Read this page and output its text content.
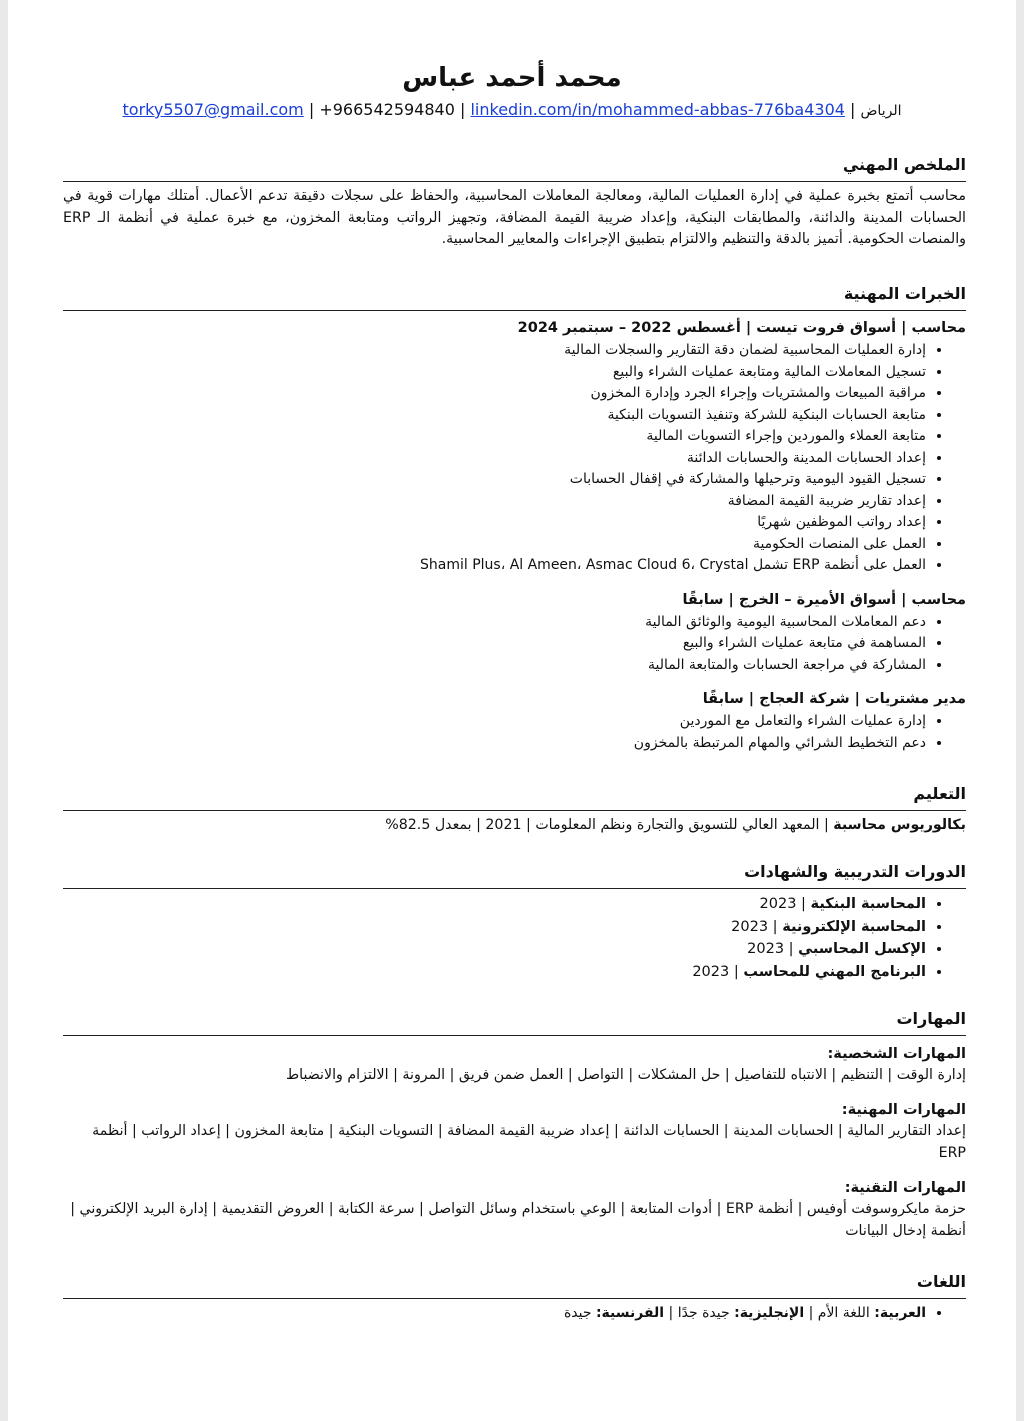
محمد أحمد عباس
الرياض | torky5507@gmail.com | +966542594840 | linkedin.com/in/mohammed-abbas-776ba4304
الملخص المهني

محاسب أتمتع بخبرة عملية في إدارة العمليات المالية، ومعالجة المعاملات المحاسبية، والحفاظ على سجلات دقيقة تدعم الأعمال. أمتلك مهارات قوية في الحسابات المدينة والدائنة، والمطابقات البنكية، وإعداد ضريبة القيمة المضافة، وتجهيز الرواتب ومتابعة المخزون، مع خبرة عملية في أنظمة الـ ERP والمنصات الحكومية. أتميز بالدقة والتنظيم والالتزام بتطبيق الإجراءات والمعايير المحاسبية.

الخبرات المهنية
محاسب | أسواق فروت تيست | أغسطس 2022 – سبتمبر 2024
• إدارة العمليات المحاسبية لضمان دقة التقارير والسجلات المالية
• تسجيل المعاملات المالية ومتابعة عمليات الشراء والبيع
• مراقبة المبيعات والمشتريات وإجراء الجرد وإدارة المخزون
• متابعة الحسابات البنكية للشركة وتنفيذ التسويات البنكية
• متابعة العملاء والموردين وإجراء التسويات المالية
• إعداد الحسابات المدينة والحسابات الدائنة
• تسجيل القيود اليومية وترحيلها والمشاركة في إقفال الحسابات
• إعداد تقارير ضريبة القيمة المضافة
• إعداد رواتب الموظفين شهريًا
• العمل على المنصات الحكومية
• العمل على أنظمة ERP تشمل Shamil Plus، Al Ameen، Asmac Cloud 6، Crystal
محاسب | أسواق الأميرة – الخرج | سابقًا
• دعم المعاملات المحاسبية اليومية والوثائق المالية
• المساهمة في متابعة عمليات الشراء والبيع
• المشاركة في مراجعة الحسابات والمتابعة المالية
مدير مشتريات | شركة العجاج | سابقًا
• إدارة عمليات الشراء والتعامل مع الموردين
• دعم التخطيط الشرائي والمهام المرتبطة بالمخزون
التعليم

بكالوريوس محاسبة | المعهد العالي للتسويق والتجارة ونظم المعلومات | 2021 | بمعدل 82.5%

الدورات التدريبية والشهادات
• المحاسبة البنكية | 2023
• المحاسبة الإلكترونية | 2023
• الإكسل المحاسبي | 2023
• البرنامج المهني للمحاسب | 2023
المهارات
المهارات الشخصية:
إدارة الوقت | التنظيم | الانتباه للتفاصيل | حل المشكلات | التواصل | العمل ضمن فريق | المرونة | الالتزام والانضباط
المهارات المهنية:
إعداد التقارير المالية | الحسابات المدينة | الحسابات الدائنة | إعداد ضريبة القيمة المضافة | التسويات البنكية | متابعة المخزون | إعداد الرواتب | أنظمة ERP
المهارات التقنية:
حزمة مايكروسوفت أوفيس | أنظمة ERP | أدوات المتابعة | الوعي باستخدام وسائل التواصل | سرعة الكتابة | العروض التقديمية | إدارة البريد الإلكتروني | أنظمة إدخال البيانات
اللغات
• العربية: اللغة الأم | الإنجليزية: جيدة جدًا | الفرنسية: جيدة
